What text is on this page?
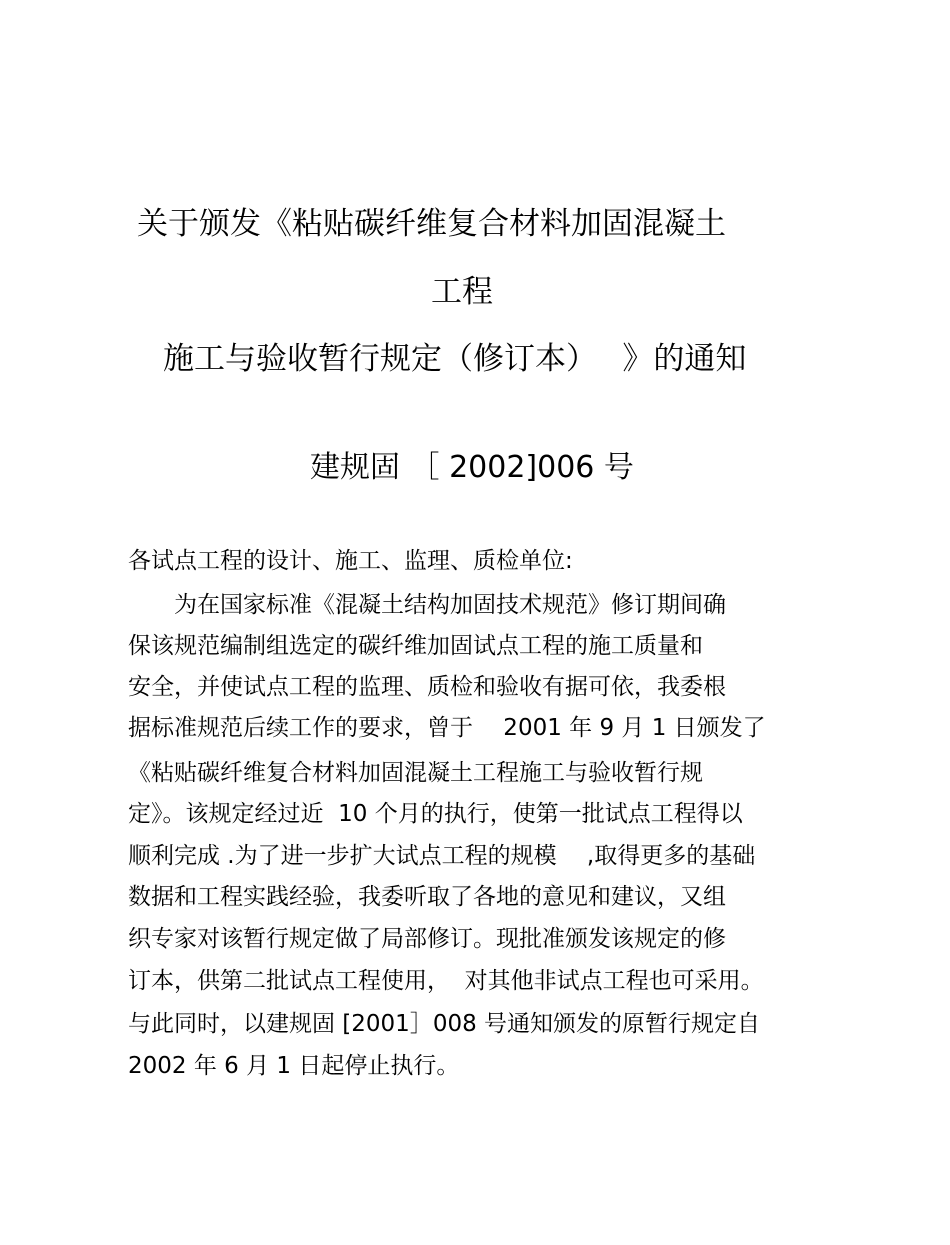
关于颁发《粘贴碳纤维复合材料加固混凝土
工程
施工与验收暂行规定（修订本）　 》的通知
建规固 ［ 2002]006 号
各试点工程的设计、施工、监理、质检单位:
为在国家标准《混凝土结构加固技术规范》修订期间确
保该规范编制组选定的碳纤维加固试点工程的施工质量和
安全，并使试点工程的监理、质检和验收有据可依，我委根
据标准规范后续工作的要求，曾于　 2001 年 9 月 1 日颁发了
《粘贴碳纤维复合材料加固混凝土工程施工与验收暂行规
定》。该规定经过近  10 个月的执行，使第一批试点工程得以
顺利完成 .为了进一步扩大试点工程的规模　 ,取得更多的基础
数据和工程实践经验，我委听取了各地的意见和建议，又组
织专家对该暂行规定做了局部修订。现批准颁发该规定的修
订本，供第二批试点工程使用，  对其他非试点工程也可采用。
与此同时，以建规固 [2001］008 号通知颁发的原暂行规定自
2002 年 6 月 1 日起停止执行。
